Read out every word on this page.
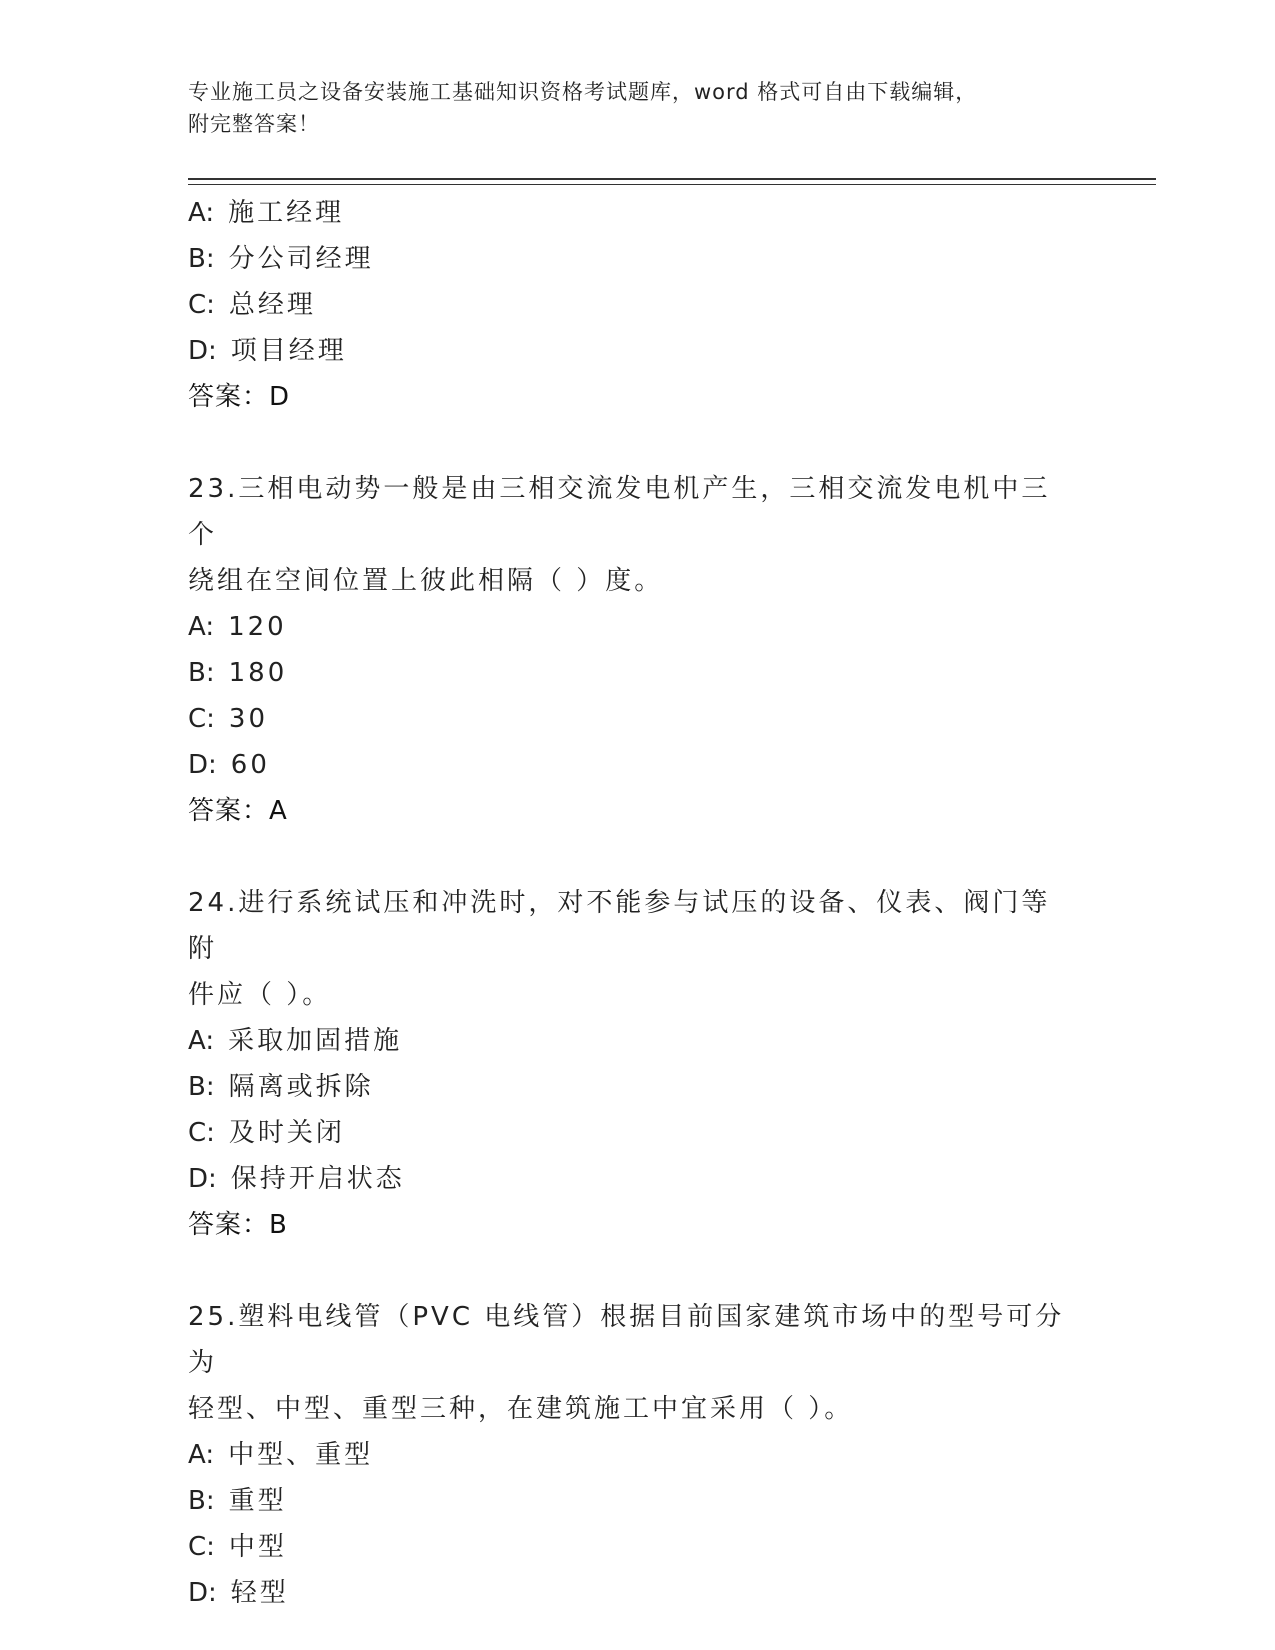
专业施工员之设备安装施工基础知识资格考试题库，word 格式可自由下载编辑，
附完整答案！
A: 施工经理
B: 分公司经理
C: 总经理
D: 项目经理
答案：D
23.三相电动势一般是由三相交流发电机产生，三相交流发电机中三个
绕组在空间位置上彼此相隔（ ）度。
A: 120
B: 180
C: 30
D: 60
答案：A
24.进行系统试压和冲洗时，对不能参与试压的设备、仪表、阀门等附
件应（ ）。
A: 采取加固措施
B: 隔离或拆除
C: 及时关闭
D: 保持开启状态
答案：B
25.塑料电线管（PVC 电线管）根据目前国家建筑市场中的型号可分为
轻型、中型、重型三种，在建筑施工中宜采用（ ）。
A: 中型、重型
B: 重型
C: 中型
D: 轻型
